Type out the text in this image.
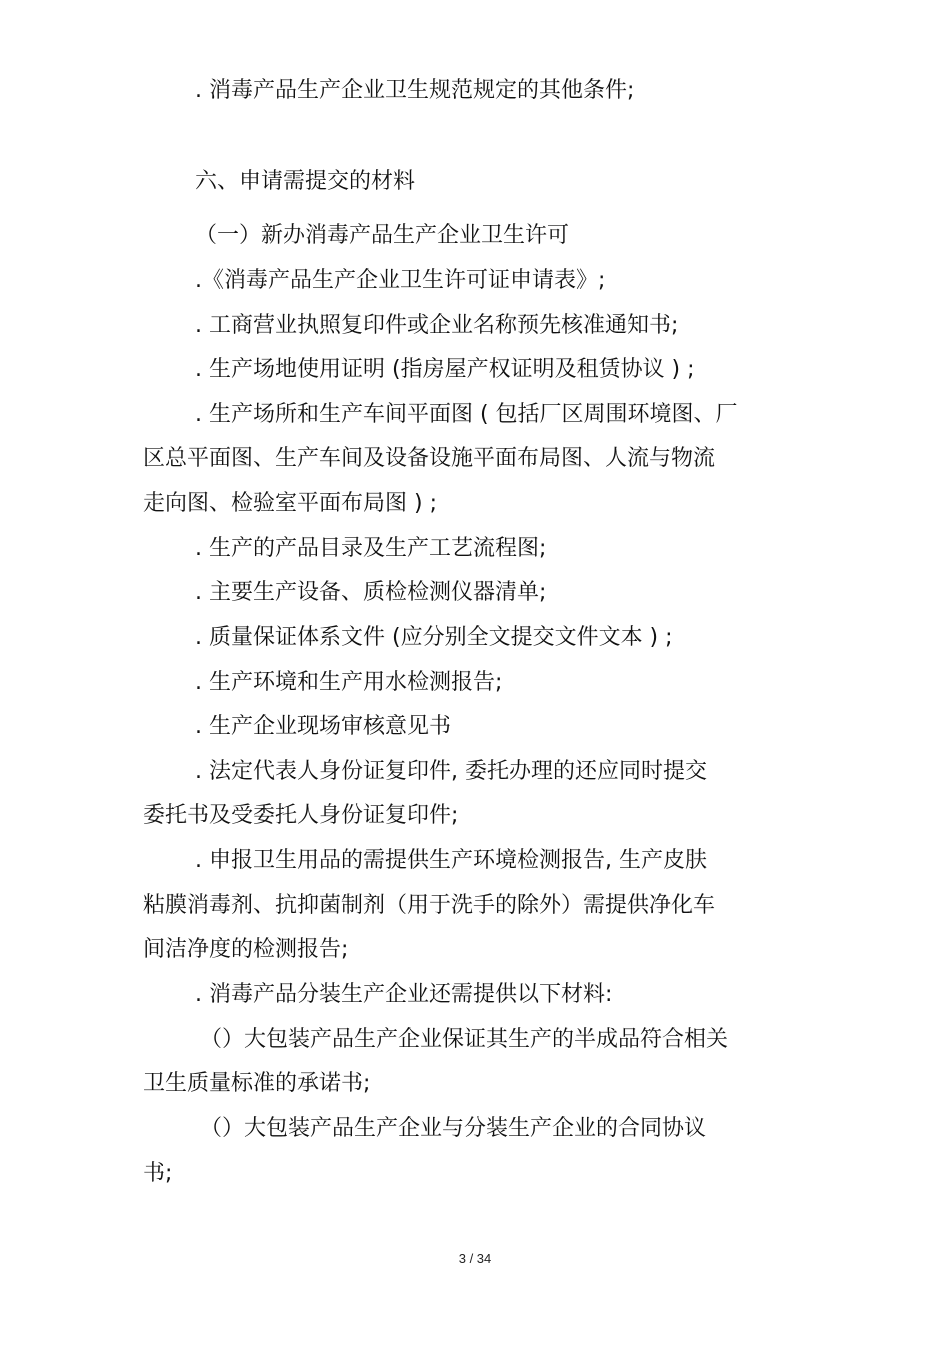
. 消毒产品生产企业卫生规范规定的其他条件;

六、申请需提交的材料

（一）新办消毒产品生产企业卫生许可

.《消毒产品生产企业卫生许可证申请表》;

. 工商营业执照复印件或企业名称预先核准通知书;

. 生产场地使用证明 (指房屋产权证明及租赁协议 ) ;

. 生产场所和生产车间平面图 ( 包括厂区周围环境图、厂

区总平面图、生产车间及设备设施平面布局图、人流与物流

走向图、检验室平面布局图 ) ;

. 生产的产品目录及生产工艺流程图;

. 主要生产设备、质检检测仪器清单;

. 质量保证体系文件 (应分别全文提交文件文本 ) ;

. 生产环境和生产用水检测报告;

. 生产企业现场审核意见书

. 法定代表人身份证复印件, 委托办理的还应同时提交

委托书及受委托人身份证复印件;

. 申报卫生用品的需提供生产环境检测报告, 生产皮肤

粘膜消毒剂、抗抑菌制剂（用于洗手的除外）需提供净化车

间洁净度的检测报告;

. 消毒产品分装生产企业还需提供以下材料:

（）大包装产品生产企业保证其生产的半成品符合相关

卫生质量标准的承诺书;

（）大包装产品生产企业与分装生产企业的合同协议

书;

3 / 34
